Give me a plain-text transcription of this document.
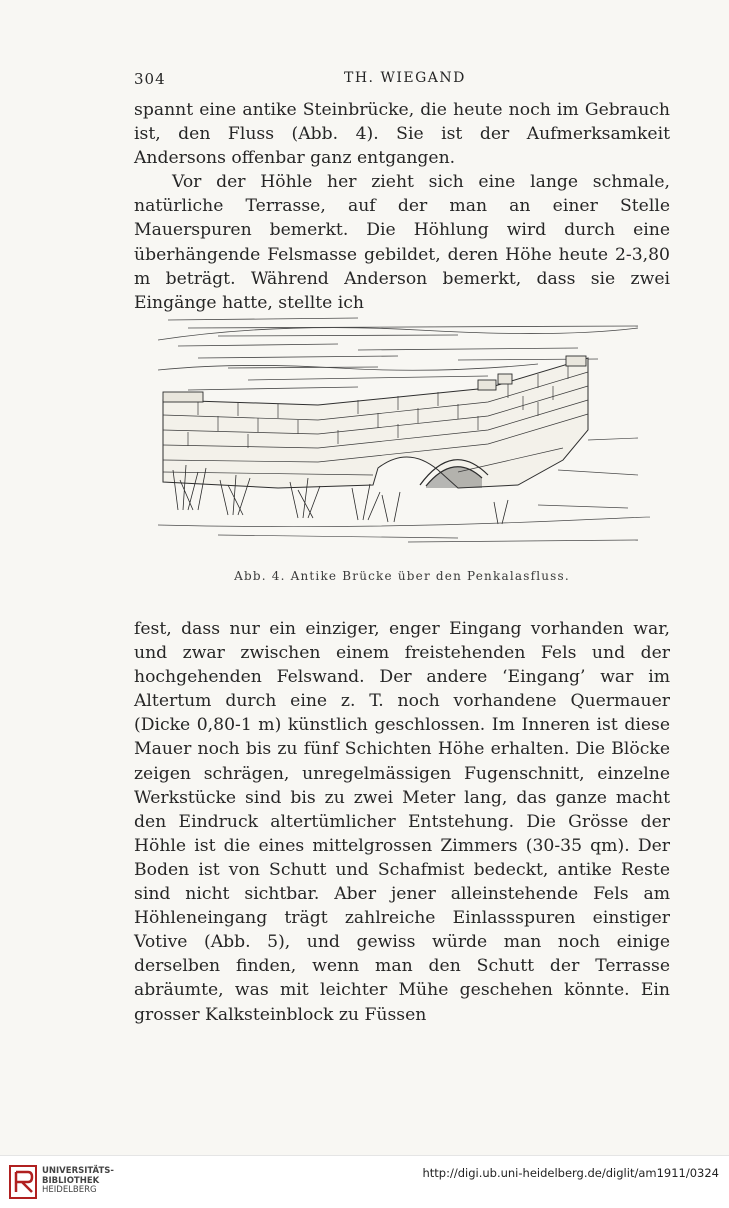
304	TH. WIEGAND

spannt eine antike Steinbrücke, die heute noch im Gebrauch ist, den Fluss (Abb. 4). Sie ist der Aufmerksamkeit Andersons offenbar ganz entgangen.

Vor der Höhle her zieht sich eine lange schmale, natürliche Terrasse, auf der man an einer Stelle Mauerspuren bemerkt. Die Höhlung wird durch eine überhängende Felsmasse gebildet, deren Höhe heute 2-3,80 m beträgt. Während Anderson bemerkt, dass sie zwei Eingänge hatte, stellte ich

Abb. 4. Antike Brücke über den Penkalasfluss.

fest, dass nur ein einziger, enger Eingang vorhanden war, und zwar zwischen einem freistehenden Fels und der hochgehenden Felswand. Der andere ‘Eingang’ war im Altertum durch eine z. T. noch vorhandene Quermauer (Dicke 0,80-1 m) künstlich geschlossen. Im Inneren ist diese Mauer noch bis zu fünf Schichten Höhe erhalten. Die Blöcke zeigen schrägen, unregelmässigen Fugenschnitt, einzelne Werkstücke sind bis zu zwei Meter lang, das ganze macht den Eindruck altertümlicher Entstehung. Die Grösse der Höhle ist die eines mittelgrossen Zimmers (30-35 qm). Der Boden ist von Schutt und Schafmist bedeckt, antike Reste sind nicht sichtbar. Aber jener alleinstehende Fels am Höhleneingang trägt zahlreiche Einlassspuren einstiger Votive (Abb. 5), und gewiss würde man noch einige derselben finden, wenn man den Schutt der Terrasse abräumte, was mit leichter Mühe geschehen könnte. Ein grosser Kalksteinblock zu Füssen

UNIVERSITÄTS-
BIBLIOTHEK
HEIDELBERG
http://digi.ub.uni-heidelberg.de/diglit/am1911/0324
